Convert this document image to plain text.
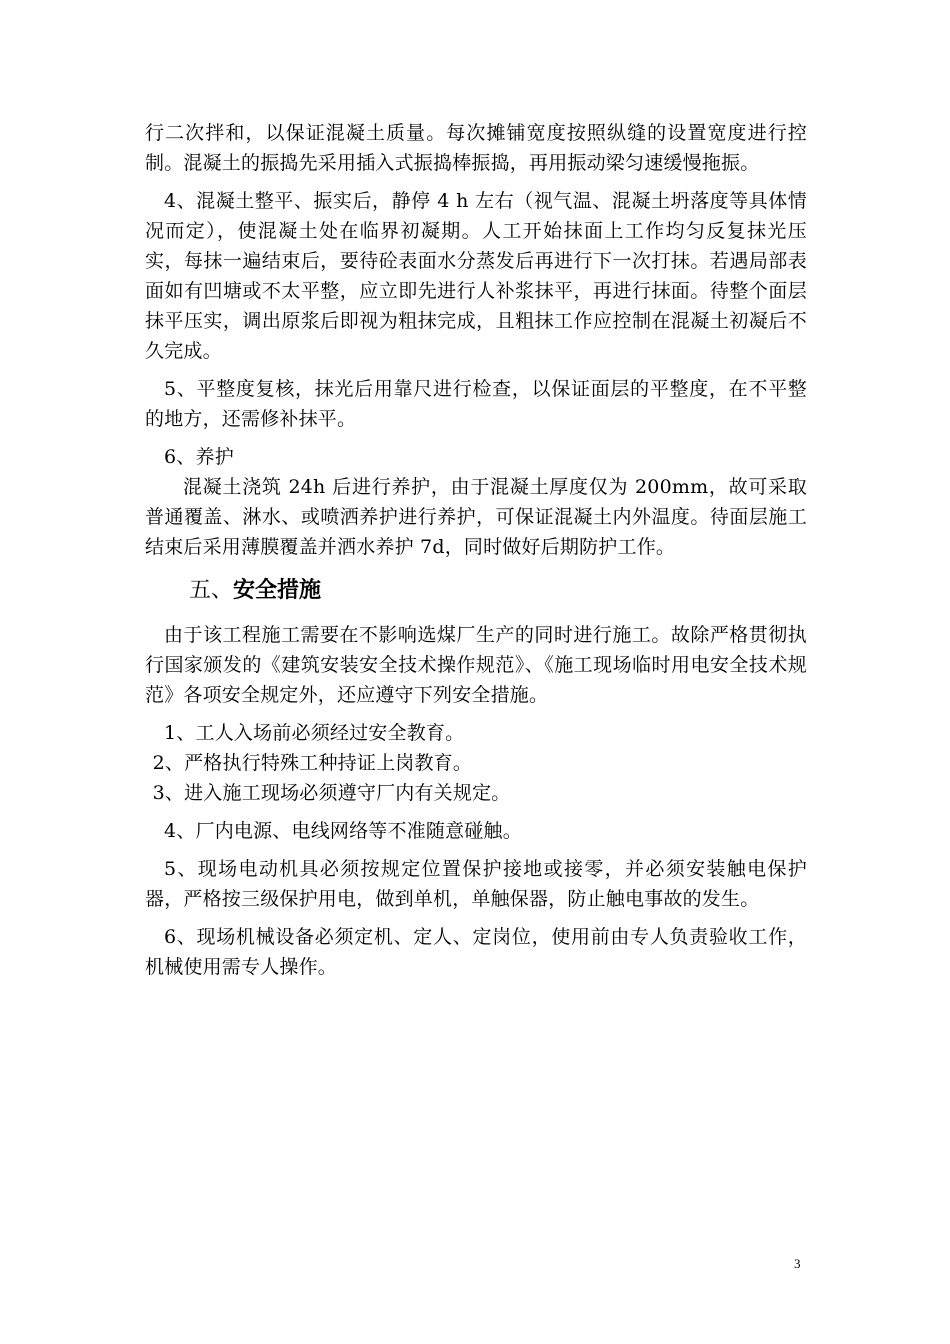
行二次拌和，以保证混凝土质量。每次摊铺宽度按照纵缝的设置宽度进行控制。混凝土的振捣先采用插入式振捣棒振捣，再用振动梁匀速缓慢拖振。

4、混凝土整平、振实后，静停 4 h 左右（视气温、混凝土坍落度等具体情况而定），使混凝土处在临界初凝期。人工开始抹面上工作均匀反复抹光压实，每抹一遍结束后，要待砼表面水分蒸发后再进行下一次打抹。若遇局部表面如有凹塘或不太平整，应立即先进行人补浆抹平，再进行抹面。待整个面层抹平压实，调出原浆后即视为粗抹完成，且粗抹工作应控制在混凝土初凝后不久完成。

5、平整度复核，抹光后用靠尺进行检查，以保证面层的平整度，在不平整的地方，还需修补抹平。

6、养护

混凝土浇筑 24h 后进行养护，由于混凝土厚度仅为 200mm，故可采取普通覆盖、淋水、或喷洒养护进行养护，可保证混凝土内外温度。待面层施工结束后采用薄膜覆盖并洒水养护 7d，同时做好后期防护工作。

五、安全措施

由于该工程施工需要在不影响选煤厂生产的同时进行施工。故除严格贯彻执行国家颁发的《建筑安装安全技术操作规范》、《施工现场临时用电安全技术规范》各项安全规定外，还应遵守下列安全措施。

1、工人入场前必须经过安全教育。

2、严格执行特殊工种持证上岗教育。

3、进入施工现场必须遵守厂内有关规定。

4、厂内电源、电线网络等不准随意碰触。

5、现场电动机具必须按规定位置保护接地或接零，并必须安装触电保护器，严格按三级保护用电，做到单机，单触保器，防止触电事故的发生。

6、现场机械设备必须定机、定人、定岗位，使用前由专人负责验收工作，机械使用需专人操作。

3
